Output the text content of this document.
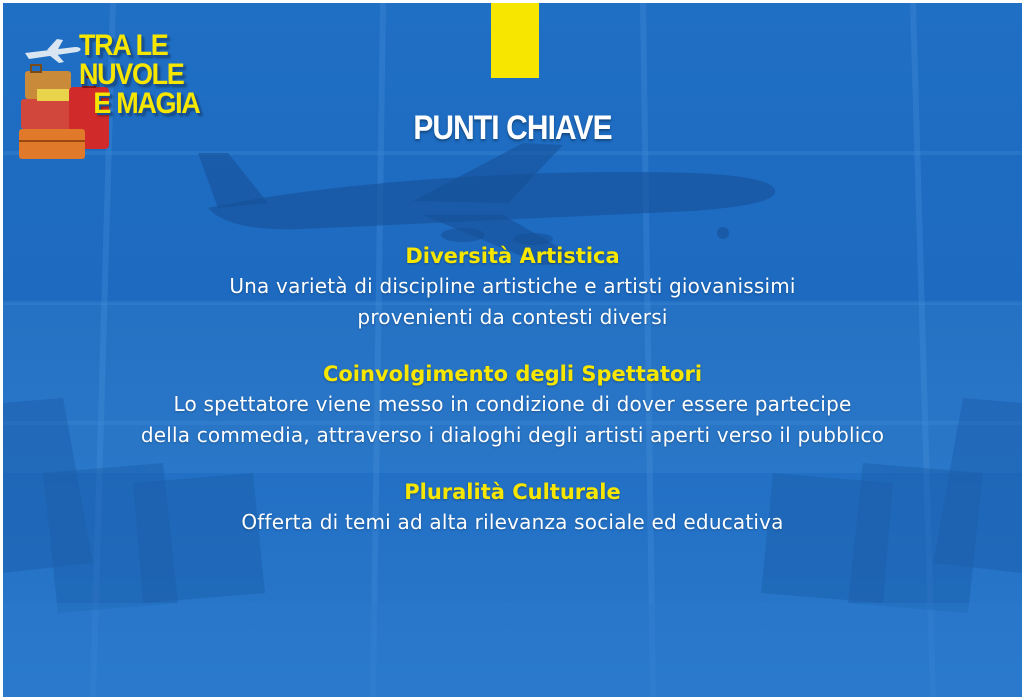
TRA LE
NUVOLE
E MAGIA
PUNTI CHIAVE
Diversità Artistica
Una varietà di discipline artistiche e artisti giovanissimi
provenienti da contesti diversi
Coinvolgimento degli Spettatori
Lo spettatore viene messo in condizione di dover essere partecipe
della commedia, attraverso i dialoghi degli artisti aperti verso il pubblico
Pluralità Culturale
Offerta di temi ad alta rilevanza sociale ed educativa
